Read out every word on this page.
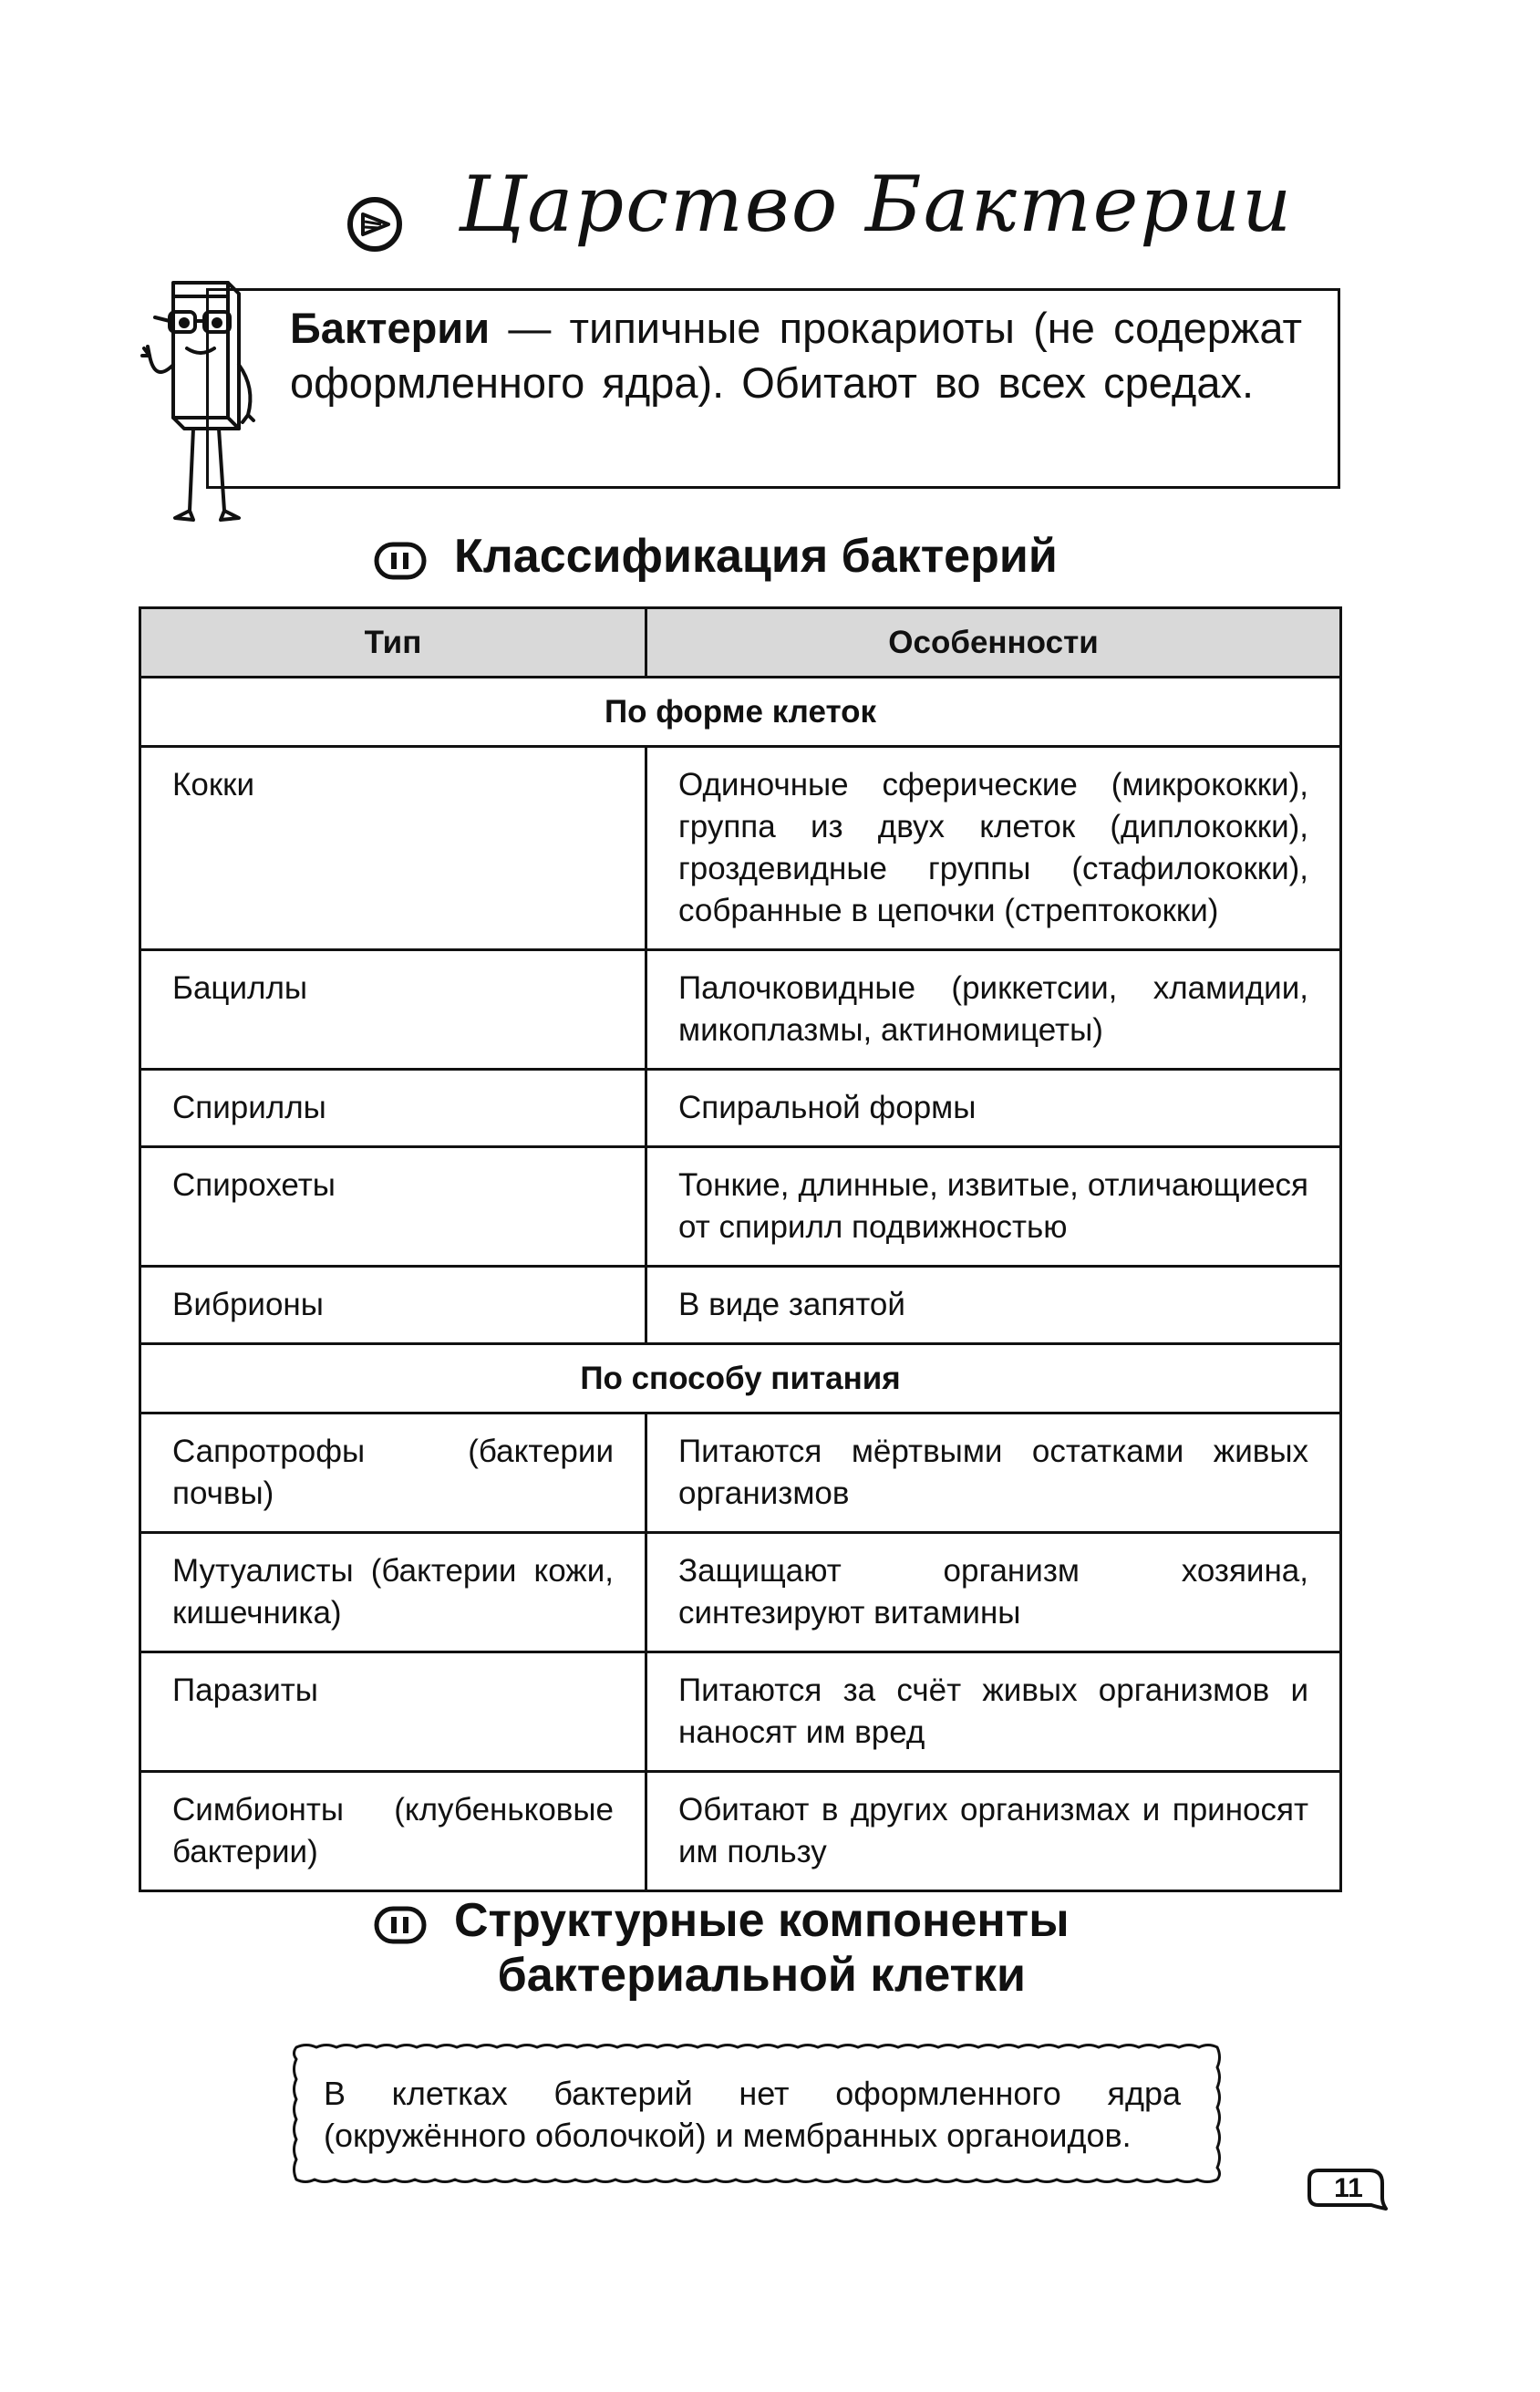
Царство Бактерии
Бактерии — типичные прокариоты (не содержат оформленного ядра). Обитают во всех средах.
Классификация бактерий
Тип	Особенности
По форме клеток	
Кокки	Одиночные сферические (микрококки), группа из двух клеток (диплококки), гроздевидные группы (стафилококки), собранные в цепочки (стрептококки)
Бациллы	Палочковидные (риккетсии, хламидии, микоплазмы, актиномицеты)
Спириллы	Спиральной формы
Спирохеты	Тонкие, длинные, извитые, отличающиеся от спирилл подвижностью
Вибрионы	В виде запятой
По способу питания	
Сапротрофы (бактерии почвы)	Питаются мёртвыми остатками живых организмов
Мутуалисты (бактерии кожи, кишечника)	Защищают организм хозяина, синтезируют витамины
Паразиты	Питаются за счёт живых организмов и наносят им вред
Симбионты (клубеньковые бактерии)	Обитают в других организмах и приносят им пользу
Структурные компоненты
бактериальной клетки
В клетках бактерий нет оформленного ядра (окружённого оболочкой) и мембранных органоидов.
11
